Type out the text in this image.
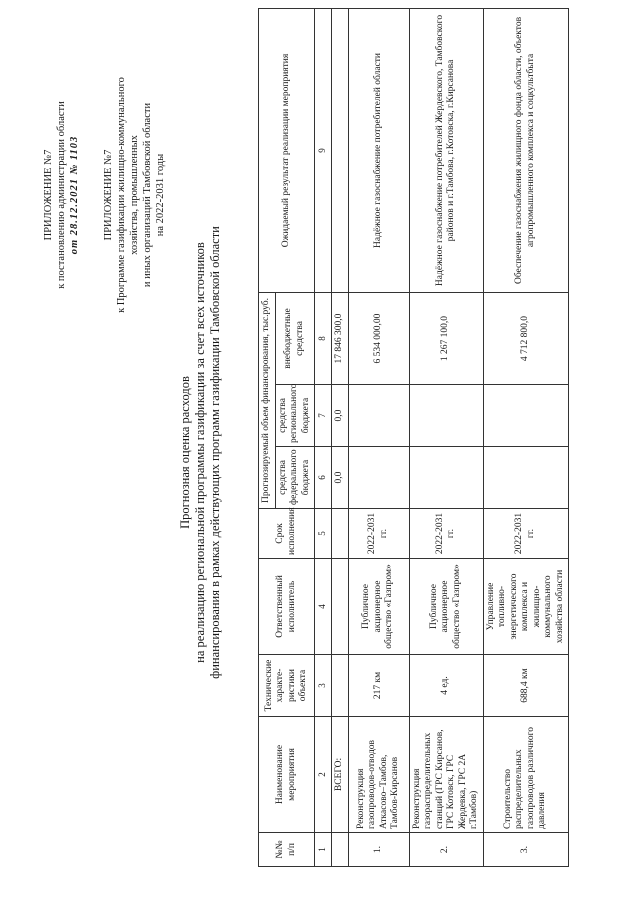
ПРИЛОЖЕНИЕ №7 к постановлению администрации области от 28.12.2021 № 1103 ПРИЛОЖЕНИЕ №7 к Программе газификации жилищно-коммунального хозяйства, промышленных и иных организаций Тамбовской области на 2022-2031 годы
Прогнозная оценка расходов на реализацию региональной программы газификации за счет всех источников финансирования в рамках действующих программ газификации Тамбовской области
№№ п/п	Наименование мероприятия	Технические характе-ристики объекта	Ответственный исполнитель	Срок исполнения	Прогнозируемый объем финансирования, тыс.руб.			Ожидаемый результат реализации мероприятия
					средства федерального бюджета	средства регионального бюджета	внебюджетные средства	
1	2	3	4	5	6	7	8	9
	ВСЕГО:				0,0	0,0	17 846 300,0	
1.	Реконструкция газопроводов-отводов Аткасово–Тамбов, Тамбов-Кирсанов	217 км	Публичное акционерное общество «Газпром»	2022-2031 гг.			6 534 000,00	Надёжное газоснабжение потребителей области
2.	Реконструкция газораспределительных станций (ГРС Кирсанов, ГРС Котовск, ГРС Жердевка, ГРС 2А г.Тамбов)	4 ед.	Публичное акционерное общество «Газпром»	2022-2031 гг.			1 267 100,0	Надёжное газоснабжение потребителей Жердевского, Тамбовского районов и г.Тамбова, г.Котовска, г.Кирсанова
3.	Строительство распределительных газопроводов различного давления	688,4 км	Управление топливно-энергетического комплекса и жилищно-коммунального хозяйства области	2022-2031 гг.			4 712 800,0	Обеспечение газоснабжения жилищного фонда области, объектов агропромышленного комплекса и соцкультбыта
